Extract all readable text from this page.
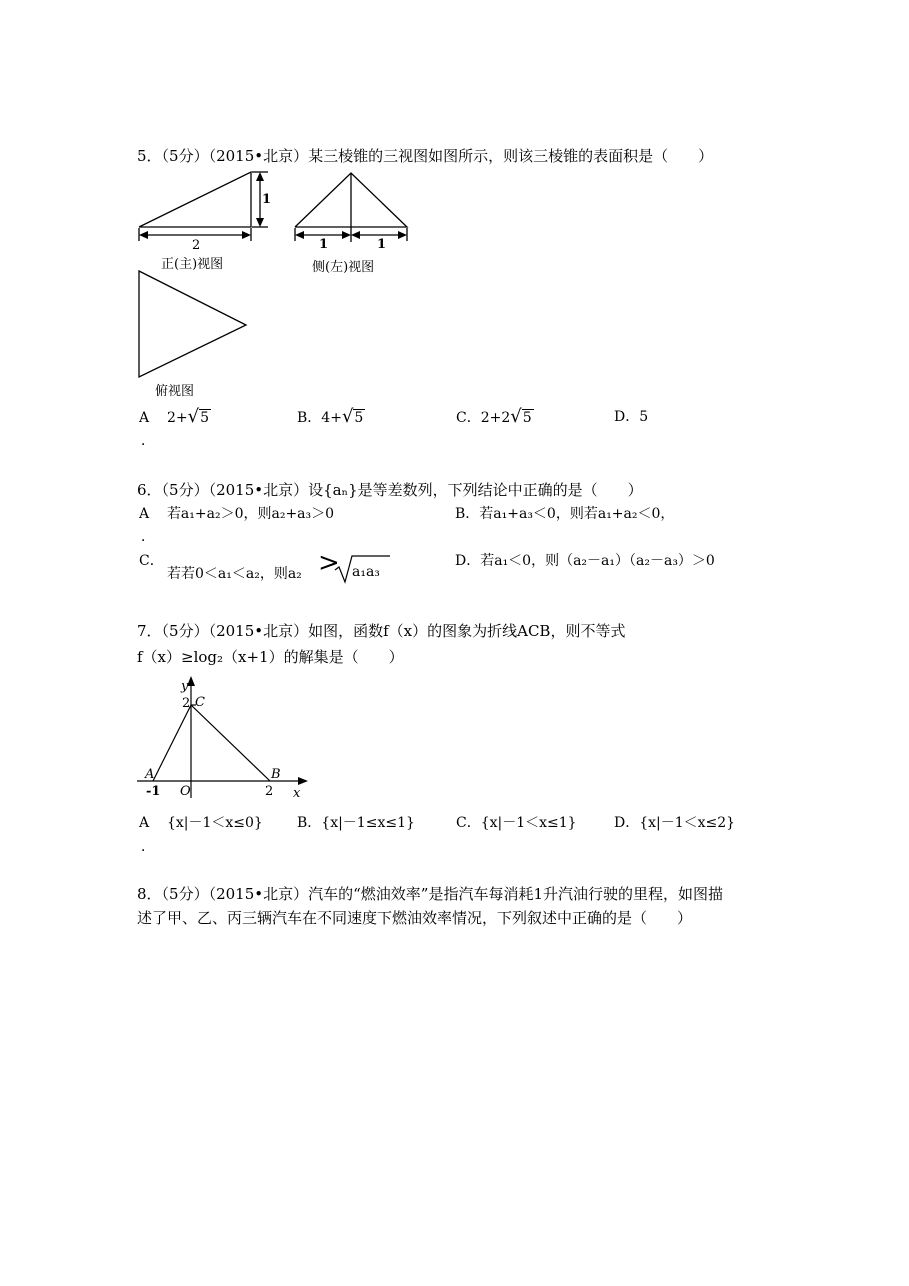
5．（5分）（2015•北京）某三棱锥的三视图如图所示，则该三棱锥的表面积是（　　）
1
2
正(主)视图
1	1
侧(左)视图
俯视图
A 2+√5
．
B．4+√5	C．2+2√5	D．5
6．（5分）（2015•北京）设{aₙ}是等差数列，下列结论中正确的是（　　）
A 若a₁+a₂＞0，则a₂+a₃＞0
．
B．若a₁+a₃＜0，则若a₁+a₂＜0，
C．
若若0＜a₁＜a₂，则a₂ > a₁a₃
D．若a₁＜0，则（a₂－a₁）（a₂－a₃）＞0
7．（5分）（2015•北京）如图，函数f（x）的图象为折线ACB，则不等式
f（x）≥log₂（x+1）的解集是（　　）
y
2 C
A	B
-1 O	2 x
A {x|－1＜x≤0}
．
B．{x|－1≤x≤1}	C．{x|－1＜x≤1}	D．{x|－1＜x≤2}
8．（5分）（2015•北京）汽车的“燃油效率”是指汽车每消耗1升汽油行驶的里程，如图描
述了甲、乙、丙三辆汽车在不同速度下燃油效率情况，下列叙述中正确的是（　　）
